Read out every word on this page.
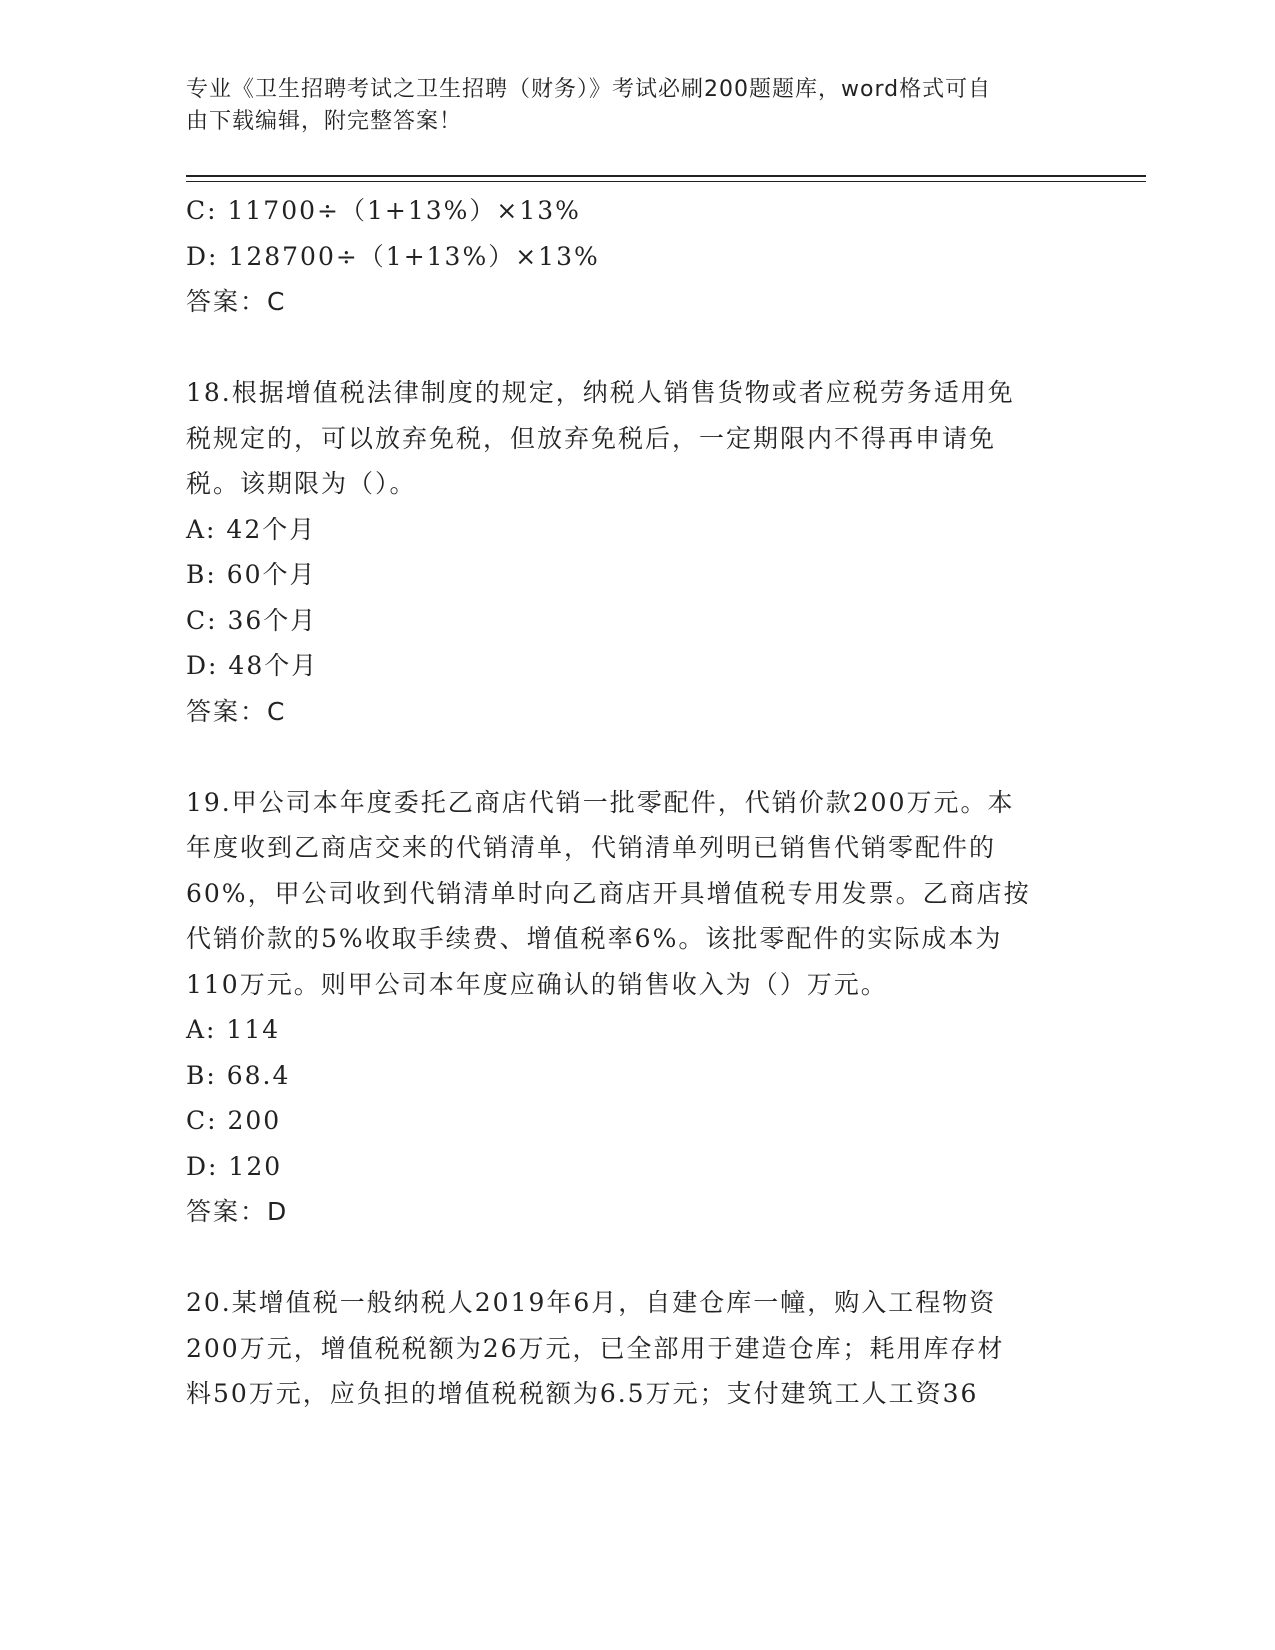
专业《卫生招聘考试之卫生招聘（财务）》考试必刷200题题库，word格式可自
由下载编辑，附完整答案！
C: 11700÷（1+13%）×13%
D: 128700÷（1+13%）×13%
答案：C
18.根据增值税法律制度的规定，纳税人销售货物或者应税劳务适用免
税规定的，可以放弃免税，但放弃免税后，一定期限内不得再申请免
税。该期限为（）。
A: 42个月
B: 60个月
C: 36个月
D: 48个月
答案：C
19.甲公司本年度委托乙商店代销一批零配件，代销价款200万元。本
年度收到乙商店交来的代销清单，代销清单列明已销售代销零配件的
60%，甲公司收到代销清单时向乙商店开具增值税专用发票。乙商店按
代销价款的5%收取手续费、增值税率6%。该批零配件的实际成本为
110万元。则甲公司本年度应确认的销售收入为（）万元。
A: 114
B: 68.4
C: 200
D: 120
答案：D
20.某增值税一般纳税人2019年6月，自建仓库一幢，购入工程物资
200万元，增值税税额为26万元，已全部用于建造仓库；耗用库存材
料50万元，应负担的增值税税额为6.5万元；支付建筑工人工资36
